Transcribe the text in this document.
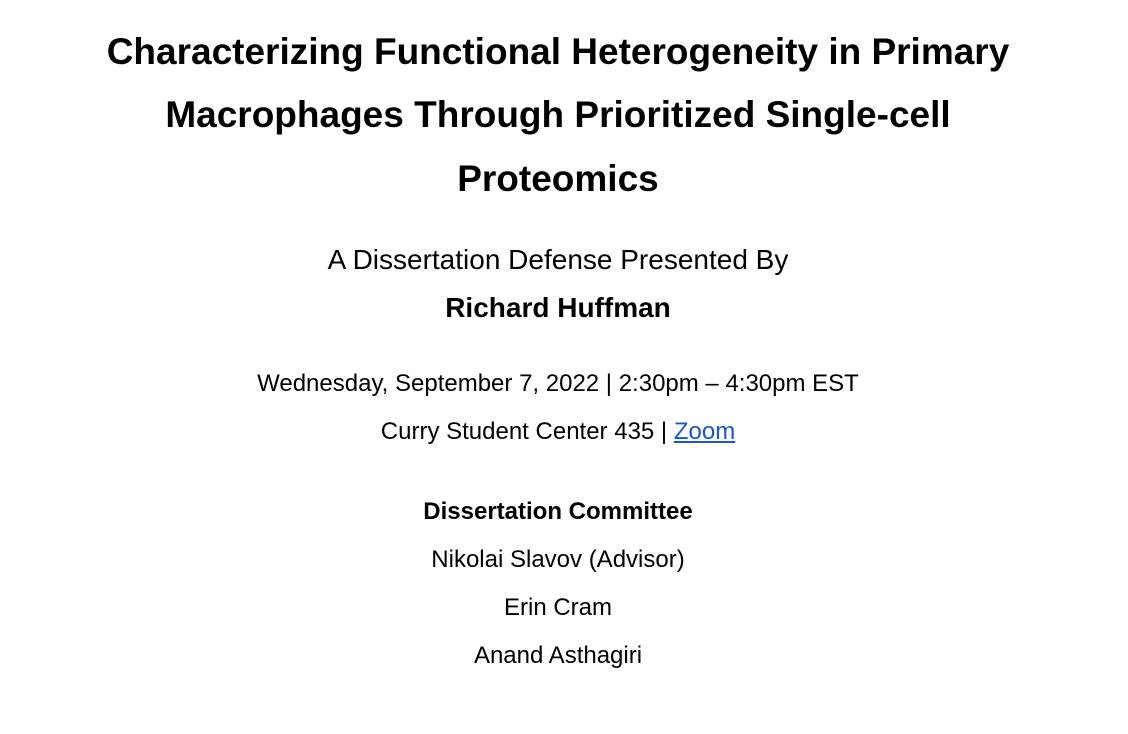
Characterizing Functional Heterogeneity in Primary
Macrophages Through Prioritized Single-cell
Proteomics
A Dissertation Defense Presented By
Richard Huffman
Wednesday, September 7, 2022 | 2:30pm – 4:30pm EST
Curry Student Center 435 | Zoom
Dissertation Committee
Nikolai Slavov (Advisor)
Erin Cram
Anand Asthagiri
